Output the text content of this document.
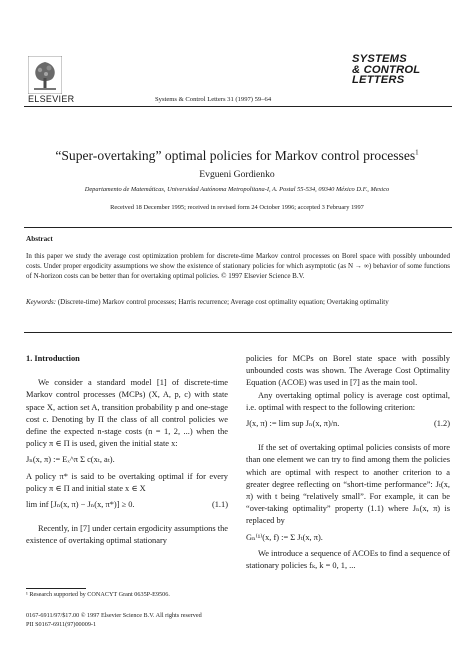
ELSEVIER	Systems & Control Letters 31 (1997) 59–64
SYSTEMS
& CONTROL
LETTERS
“Super-overtaking” optimal policies for Markov control processes$^1$
Evgueni Gordienko
Departamento de Matemáticas, Universidad Autónoma Metropolitana-I, A. Postal 55-534, 09340 México D.F., Mexico
Received 18 December 1995; received in revised form 24 October 1996; accepted 3 February 1997
Abstract
In this paper we study the average cost optimization problem for discrete-time Markov control processes on Borel space with possibly unbounded costs. Under proper ergodicity assumptions we show the existence of stationary policies for which asymptotic (as N → ∞) behavior of some functions of N-horizon costs can be better than for overtaking optimal policies. © 1997 Elsevier Science B.V.
Keywords: (Discrete-time) Markov control processes; Harris recurrence; Average cost optimality equation; Overtaking optimality

1. Introduction

We consider a standard model [1] of discrete-time Markov control processes (MCPs) (X, A, p, c) with state space X, action set A, transition probability p and one-stage cost c. Denoting by Π the class of all control policies we define the expected n-stage costs (n = 1, 2, ...) when the policy π ∈ Π is used, given the initial state x:

Jₙ(x, π) := Eₓ^π Σ c(xₜ, aₜ).

A policy π* is said to be overtaking optimal if for every policy π ∈ Π and initial state x ∈ X

lim inf [Jₙ(x, π) − Jₙ(x, π*)] ≥ 0.	(1.1)

Recently, in [7] under certain ergodicity assumptions the existence of overtaking optimal stationary

policies for MCPs on Borel state space with possibly unbounded costs was shown. The Average Cost Optimality Equation (ACOE) was used in [7] as the main tool.

Any overtaking optimal policy is average cost optimal, i.e. optimal with respect to the following criterion:

J(x, π) := lim sup Jₙ(x, π)/n.	(1.2)

If the set of overtaking optimal policies consists of more than one element we can try to find among them the policies which are optimal with respect to another criterion to a greater degree reflecting on “short-time performance”: Jₜ(x, π) with t being “relatively small”. For example, it can be “over-taking optimality” property (1.1) where Jₙ(x, π) is replaced by

Gₙ⁽¹⁾(x, f) := Σ Jₜ(x, π).

We introduce a sequence of ACOEs to find a sequence of stationary policies fₖ, k = 0, 1, ...

¹ Research supported by CONACYT Grant 0635P-E9506.
0167-6911/97/$17.00 © 1997 Elsevier Science B.V. All rights reserved
PII S0167-6911(97)00009-1
